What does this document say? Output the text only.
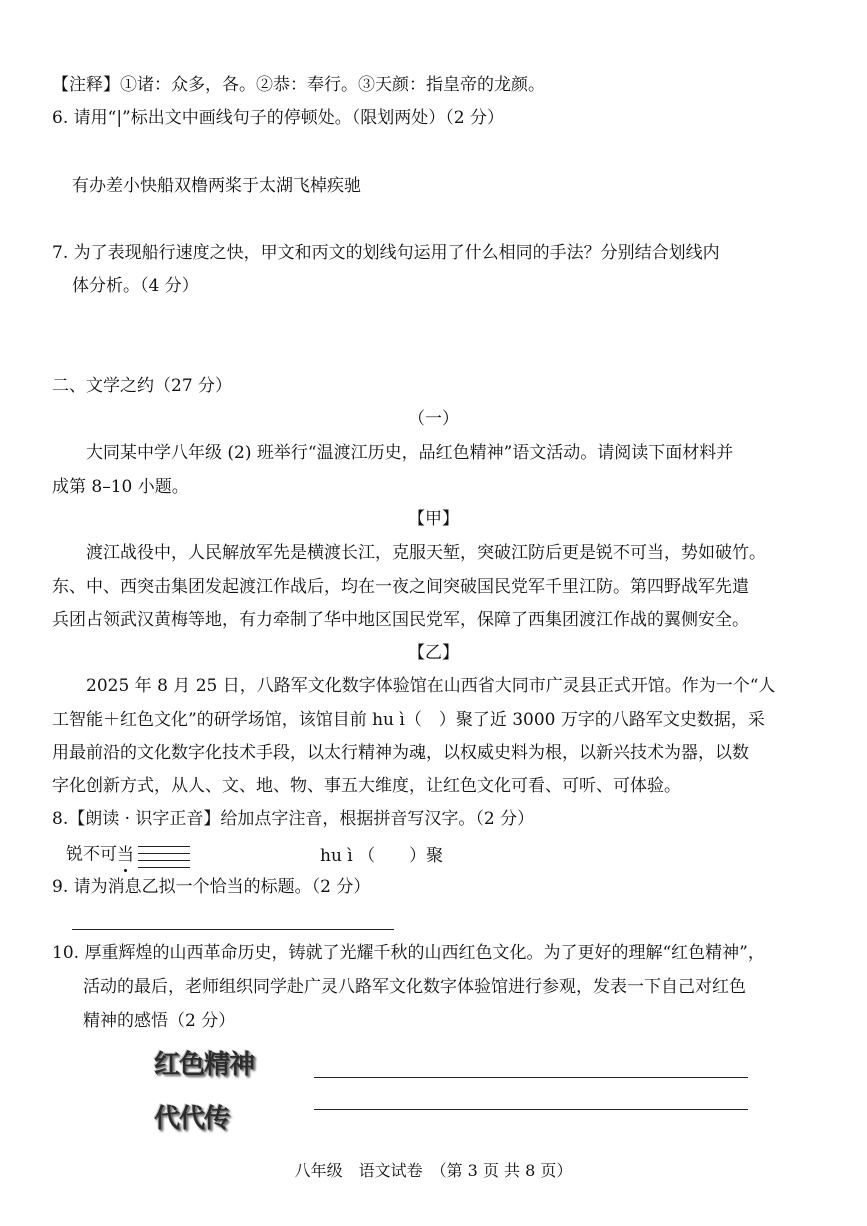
【注释】①诸：众多，各。②恭：奉行。③天颜：指皇帝的龙颜。
6. 请用“|”标出文中画线句子的停顿处。（限划两处）（2 分）
有办差小快船双橹两桨于太湖飞棹疾驰
7. 为了表现船行速度之快，甲文和丙文的划线句运用了什么相同的手法？分别结合划线内
体分析。（4 分）
二、文学之约（27 分）
（一）
大同某中学八年级 (2) 班举行“温渡江历史，品红色精神”语文活动。请阅读下面材料并
成第 8–10 小题。
【甲】
渡江战役中，人民解放军先是横渡长江，克服天堑，突破江防后更是锐不可当，势如破竹。
东、中、西突击集团发起渡江作战后，均在一夜之间突破国民党军千里江防。第四野战军先遣
兵团占领武汉黄梅等地，有力牵制了华中地区国民党军，保障了西集团渡江作战的翼侧安全。
【乙】
2025 年 8 月 25 日，八路军文化数字体验馆在山西省大同市广灵县正式开馆。作为一个“人
工智能＋红色文化”的研学场馆，该馆目前 hu ì（　）聚了近 3000 万字的八路军文史数据，采
用最前沿的文化数字化技术手段，以太行精神为魂，以权威史料为根，以新兴技术为器，以数
字化创新方式，从人、文、地、物、事五大维度，让红色文化可看、可听、可体验。
8.【朗读 · 识字正音】给加点字注音，根据拼音写汉字。（2 分）
锐不可当	hu ì （　　）聚
9. 请为消息乙拟一个恰当的标题。（2 分）
10. 厚重辉煌的山西革命历史，铸就了光耀千秋的山西红色文化。为了更好的理解“红色精神”，
活动的最后，老师组织同学赴广灵八路军文化数字体验馆进行参观，发表一下自己对红色
精神的感悟（2 分）
红色精神
代代传
八年级　语文试卷　（第 3 页 共 8 页）
